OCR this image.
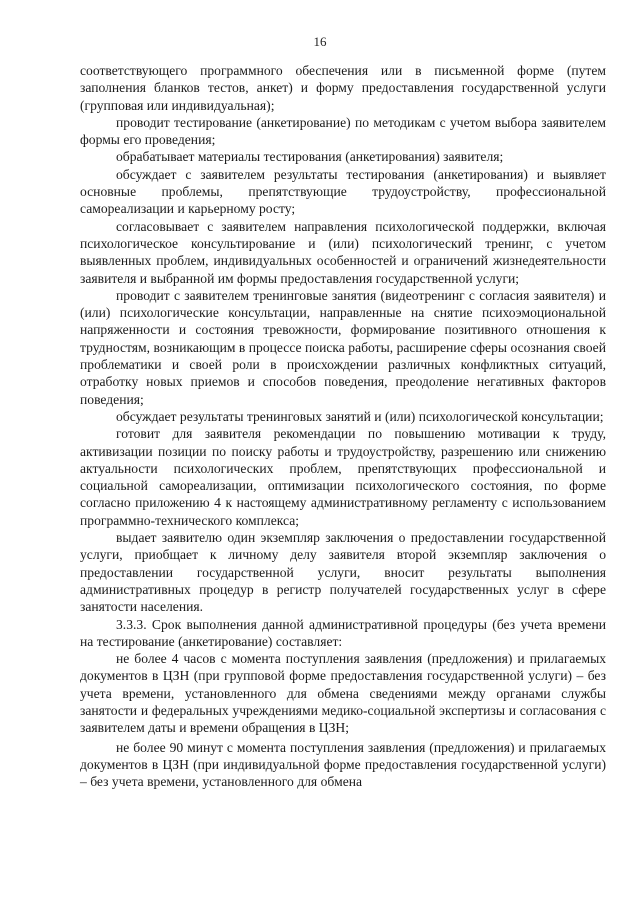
16

соответствующего программного обеспечения или в письменной форме (путем заполнения бланков тестов, анкет) и форму предоставления государственной услуги (групповая или индивидуальная);

проводит тестирование (анкетирование) по методикам с учетом выбора заявителем формы его проведения;

обрабатывает материалы тестирования (анкетирования) заявителя;

обсуждает с заявителем результаты тестирования (анкетирования) и выявляет основные проблемы, препятствующие трудоустройству, профессиональной самореализации и карьерному росту;

согласовывает с заявителем направления психологической поддержки, включая психологическое консультирование и (или) психологический тренинг, с учетом выявленных проблем, индивидуальных особенностей и ограничений жизнедеятельности заявителя и выбранной им формы предоставления государственной услуги;

проводит с заявителем тренинговые занятия (видеотренинг с согласия заявителя) и (или) психологические консультации, направленные на снятие психоэмоциональной напряженности и состояния тревожности, формирование позитивного отношения к трудностям, возникающим в процессе поиска работы, расширение сферы осознания своей проблематики и своей роли в происхождении различных конфликтных ситуаций, отработку новых приемов и способов поведения, преодоление негативных факторов поведения;

обсуждает результаты тренинговых занятий и (или) психологической консультации;

готовит для заявителя рекомендации по повышению мотивации к труду, активизации позиции по поиску работы и трудоустройству, разрешению или снижению актуальности психологических проблем, препятствующих профессиональной и социальной самореализации, оптимизации психологического состояния, по форме согласно приложению 4 к настоящему административному регламенту с использованием программно-технического комплекса;

выдает заявителю один экземпляр заключения о предоставлении государственной услуги, приобщает к личному делу заявителя второй экземпляр заключения о предоставлении государственной услуги, вносит результаты выполнения административных процедур в регистр получателей государственных услуг в сфере занятости населения.

3.3.3. Срок выполнения данной административной процедуры (без учета времени на тестирование (анкетирование) составляет:

не более 4 часов с момента поступления заявления (предложения) и прилагаемых документов в ЦЗН (при групповой форме предоставления государственной услуги) – без учета времени, установленного для обмена сведениями между органами службы занятости и федеральных учреждениями медико-социальной экспертизы и согласования с заявителем даты и времени обращения в ЦЗН;

не более 90 минут с момента поступления заявления (предложения) и прилагаемых документов в ЦЗН (при индивидуальной форме предоставления государственной услуги) – без учета времени, установленного для обмена
